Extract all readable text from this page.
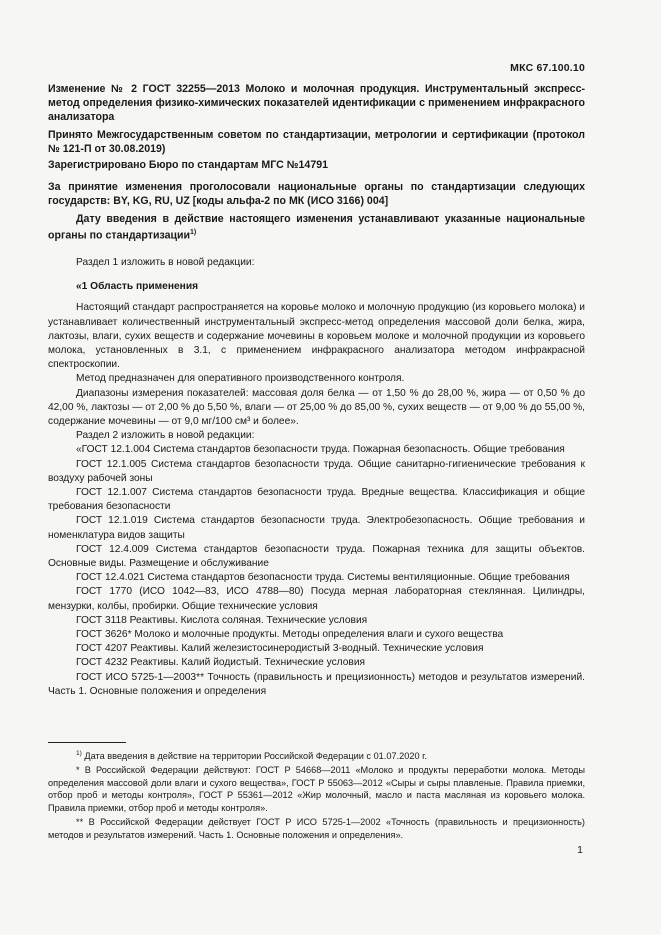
МКС 67.100.10
Изменение № 2 ГОСТ 32255—2013 Молоко и молочная продукция. Инструментальный экспресс-метод определения физико-химических показателей идентификации с применением инфракрасного анализатора
Принято Межгосударственным советом по стандартизации, метрологии и сертификации (протокол № 121-П от 30.08.2019)
Зарегистрировано Бюро по стандартам МГС №14791
За принятие изменения проголосовали национальные органы по стандартизации следующих государств: BY, KG, RU, UZ [коды альфа-2 по МК (ИСО 3166) 004]
Дату введения в действие настоящего изменения устанавливают указанные национальные органы по стандартизации$^{1)}$

Раздел 1 изложить в новой редакции:

«1 Область применения

Настоящий стандарт распространяется на коровье молоко и молочную продукцию (из коровьего молока) и устанавливает количественный инструментальный экспресс-метод определения массовой доли белка, жира, лактозы, влаги, сухих веществ и содержание мочевины в коровьем молоке и молочной продукции из коровьего молока, установленных в 3.1, с применением инфракрасного анализатора методом инфракрасной спектроскопии.

Метод предназначен для оперативного производственного контроля.

Диапазоны измерения показателей: массовая доля белка — от 1,50 % до 28,00 %, жира — от 0,50 % до 42,00 %, лактозы — от 2,00 % до 5,50 %, влаги — от 25,00 % до 85,00 %, сухих веществ — от 9,00 % до 55,00 %, содержание мочевины — от 9,0 мг/100 см³ и более».

Раздел 2 изложить в новой редакции:

«ГОСТ 12.1.004 Система стандартов безопасности труда. Пожарная безопасность. Общие требования

ГОСТ 12.1.005 Система стандартов безопасности труда. Общие санитарно-гигиенические требования к воздуху рабочей зоны

ГОСТ 12.1.007 Система стандартов безопасности труда. Вредные вещества. Классификация и общие требования безопасности

ГОСТ 12.1.019 Система стандартов безопасности труда. Электробезопасность. Общие требования и номенклатура видов защиты

ГОСТ 12.4.009 Система стандартов безопасности труда. Пожарная техника для защиты объектов. Основные виды. Размещение и обслуживание

ГОСТ 12.4.021 Система стандартов безопасности труда. Системы вентиляционные. Общие требования

ГОСТ 1770 (ИСО 1042—83, ИСО 4788—80) Посуда мерная лабораторная стеклянная. Цилиндры, мензурки, колбы, пробирки. Общие технические условия

ГОСТ 3118 Реактивы. Кислота соляная. Технические условия

ГОСТ 3626* Молоко и молочные продукты. Методы определения влаги и сухого вещества

ГОСТ 4207 Реактивы. Калий железистосинеродистый 3-водный. Технические условия

ГОСТ 4232 Реактивы. Калий йодистый. Технические условия

ГОСТ ИСО 5725-1—2003** Точность (правильность и прецизионность) методов и результатов измерений. Часть 1. Основные положения и определения

$^{1)}$ Дата введения в действие на территории Российской Федерации с 01.07.2020 г.

* В Российской Федерации действуют: ГОСТ Р 54668—2011 «Молоко и продукты переработки молока. Методы определения массовой доли влаги и сухого вещества», ГОСТ Р 55063—2012 «Сыры и сыры плавленые. Правила приемки, отбор проб и методы контроля», ГОСТ Р 55361—2012 «Жир молочный, масло и паста масляная из коровьего молока. Правила приемки, отбор проб и методы контроля».

** В Российской Федерации действует ГОСТ Р ИСО 5725-1—2002 «Точность (правильность и прецизионность) методов и результатов измерений. Часть 1. Основные положения и определения».

1
